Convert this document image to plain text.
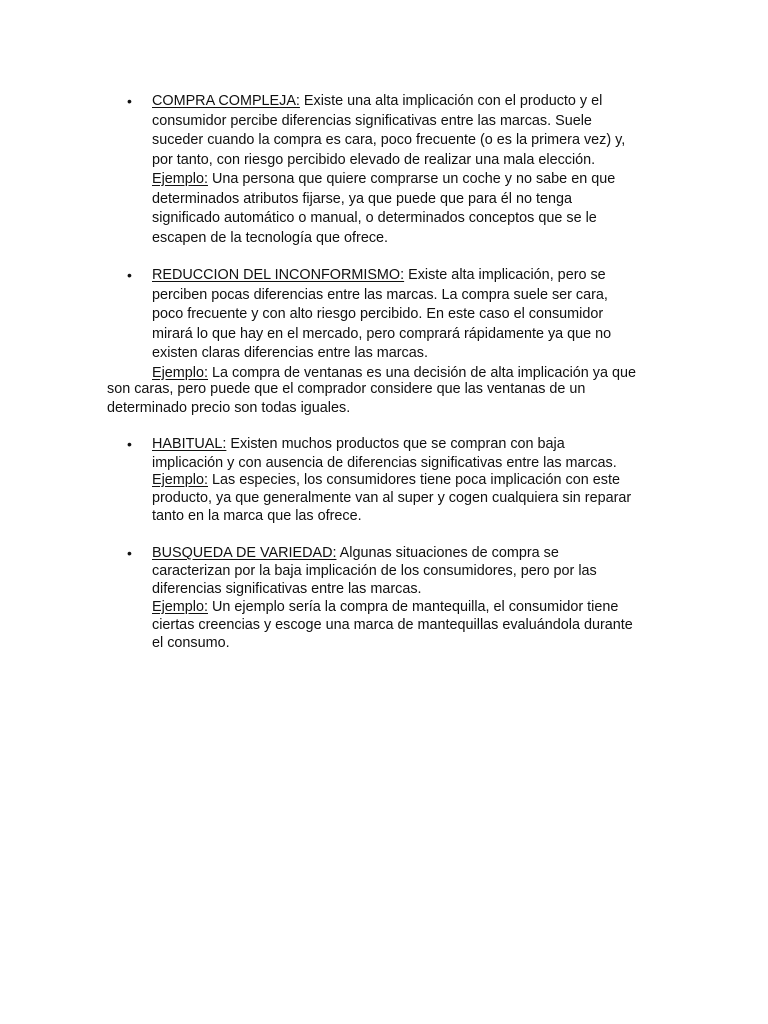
• COMPRA COMPLEJA: Existe una alta implicación con el producto y el
consumidor percibe diferencias significativas entre las marcas. Suele
suceder cuando la compra es cara, poco frecuente (o es la primera vez) y,
por tanto, con riesgo percibido elevado de realizar una mala elección.
Ejemplo: Una persona que quiere comprarse un coche y no sabe en que
determinados atributos fijarse, ya que puede que para él no tenga
significado automático o manual, o determinados conceptos que se le
escapen de la tecnología que ofrece.
• REDUCCION DEL INCONFORMISMO: Existe alta implicación, pero se
perciben pocas diferencias entre las marcas. La compra suele ser cara,
poco frecuente y con alto riesgo percibido. En este caso el consumidor
mirará lo que hay en el mercado, pero comprará rápidamente ya que no
existen claras diferencias entre las marcas.
Ejemplo: La compra de ventanas es una decisión de alta implicación ya que
son caras, pero puede que el comprador considere que las ventanas de un
determinado precio son todas iguales.
• HABITUAL: Existen muchos productos que se compran con baja
implicación y con ausencia de diferencias significativas entre las marcas.
Ejemplo: Las especies, los consumidores tiene poca implicación con este
producto, ya que generalmente van al super y cogen cualquiera sin reparar
tanto en la marca que las ofrece.
• BUSQUEDA DE VARIEDAD: Algunas situaciones de compra se
caracterizan por la baja implicación de los consumidores, pero por las
diferencias significativas entre las marcas.
Ejemplo: Un ejemplo sería la compra de mantequilla, el consumidor tiene
ciertas creencias y escoge una marca de mantequillas evaluándola durante
el consumo.
